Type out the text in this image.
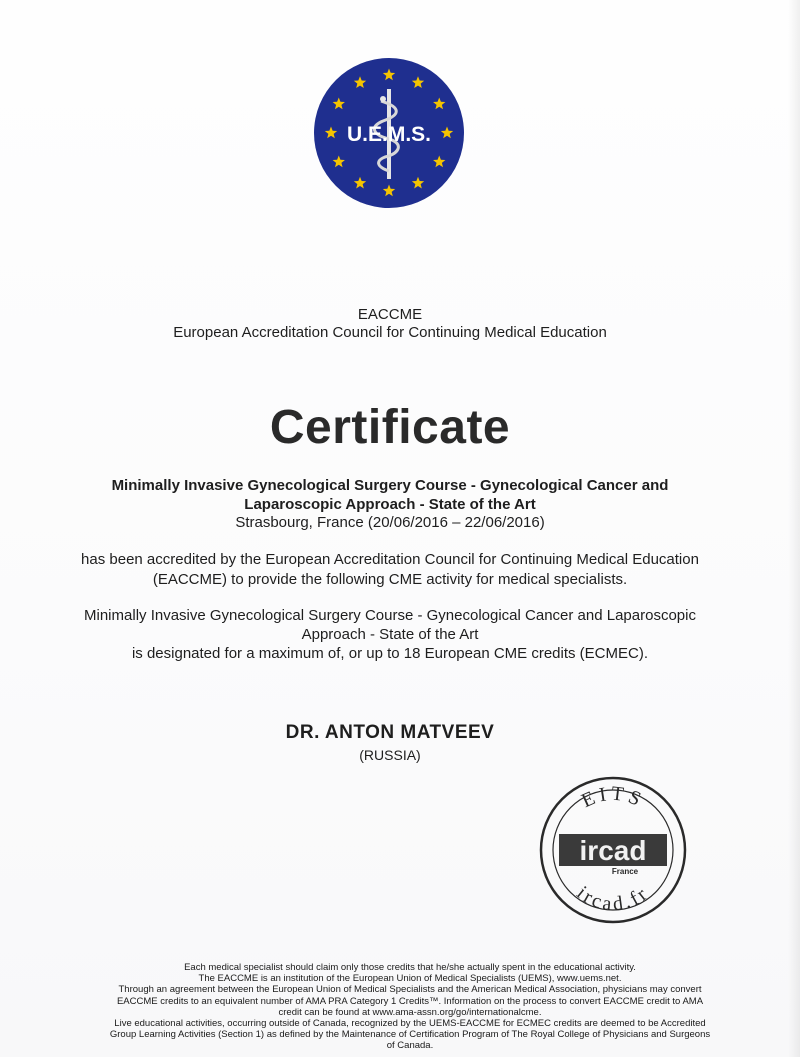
U.E.M.S.
EACCME
European Accreditation Council for Continuing Medical Education
Certificate
Minimally Invasive Gynecological Surgery Course - Gynecological Cancer and
Laparoscopic Approach - State of the Art
Strasbourg, France (20/06/2016 – 22/06/2016)
has been accredited by the European Accreditation Council for Continuing Medical Education
(EACCME) to provide the following CME activity for medical specialists.
Minimally Invasive Gynecological Surgery Course - Gynecological Cancer and Laparoscopic
Approach - State of the Art
is designated for a maximum of, or up to 18 European CME credits (ECMEC).
DR. ANTON MATVEEV
(RUSSIA)
EITS
ircad
France
ircad.fr
Each medical specialist should claim only those credits that he/she actually spent in the educational activity.
The EACCME is an institution of the European Union of Medical Specialists (UEMS), www.uems.net.
Through an agreement between the European Union of Medical Specialists and the American Medical Association, physicians may convert
EACCME credits to an equivalent number of AMA PRA Category 1 Credits™. Information on the process to convert EACCME credit to AMA
credit can be found at www.ama-assn.org/go/internationalcme.
Live educational activities, occurring outside of Canada, recognized by the UEMS-EACCME for ECMEC credits are deemed to be Accredited
Group Learning Activities (Section 1) as defined by the Maintenance of Certification Program of The Royal College of Physicians and Surgeons
of Canada.
